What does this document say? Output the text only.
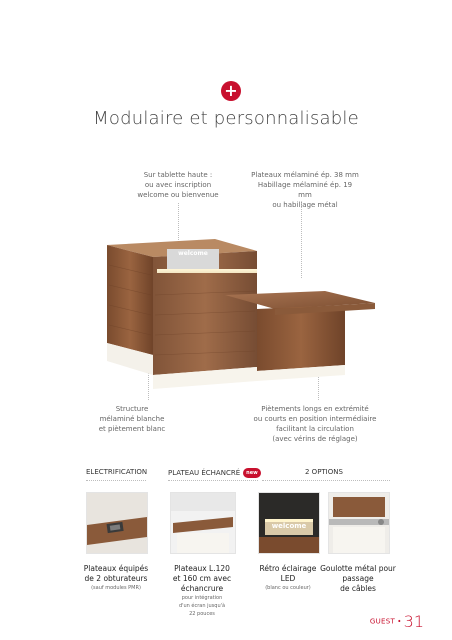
+
Modulaire et personnalisable
Sur tablette haute :
ou avec inscription
welcome ou bienvenue
Plateaux mélaminé ép. 38 mm
Habillage mélaminé ép. 19 mm
ou habillage métal
welcome
Structure
mélaminé blanche
et piètement blanc
Piètements longs en extrémité
ou courts en position intermédiaire
facilitant la circulation
(avec vérins de réglage)
ELECTRIFICATION	PLATEAU ÉCHANCRÉ new	2 OPTIONS
welcome
Plateaux équipés
de 2 obturateurs
(sauf modules PMR)
Plateaux L.120
et 160 cm avec
échancrure
pour intégration d'un écran jusqu'à 22 pouces
Rétro éclairage
LED
(blanc ou couleur)
Goulotte métal pour
passage
de câbles
GUEST • 31
